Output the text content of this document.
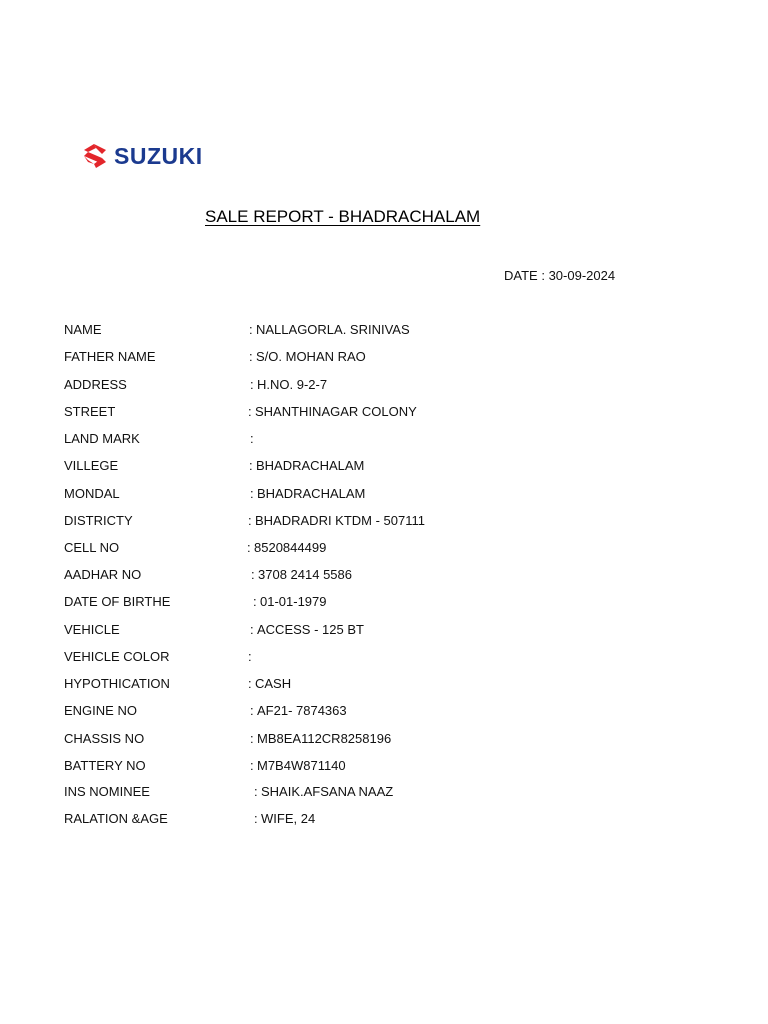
SUZUKI
SALE REPORT - BHADRACHALAM
DATE : 30-09-2024
NAME	: NALLAGORLA. SRINIVAS
FATHER NAME	: S/O. MOHAN RAO
ADDRESS	: H.NO. 9-2-7
STREET	: SHANTHINAGAR COLONY
LAND MARK	:
VILLEGE	: BHADRACHALAM
MONDAL	: BHADRACHALAM
DISTRICTY	: BHADRADRI KTDM - 507111
CELL NO	: 8520844499
AADHAR NO	: 3708 2414 5586
DATE OF BIRTHE	: 01-01-1979
VEHICLE	: ACCESS - 125 BT
VEHICLE COLOR	:
HYPOTHICATION	: CASH
ENGINE NO	: AF21- 7874363
CHASSIS NO	: MB8EA112CR8258196
BATTERY NO	: M7B4W871140
INS NOMINEE	: SHAIK.AFSANA NAAZ
RALATION &AGE	: WIFE, 24
